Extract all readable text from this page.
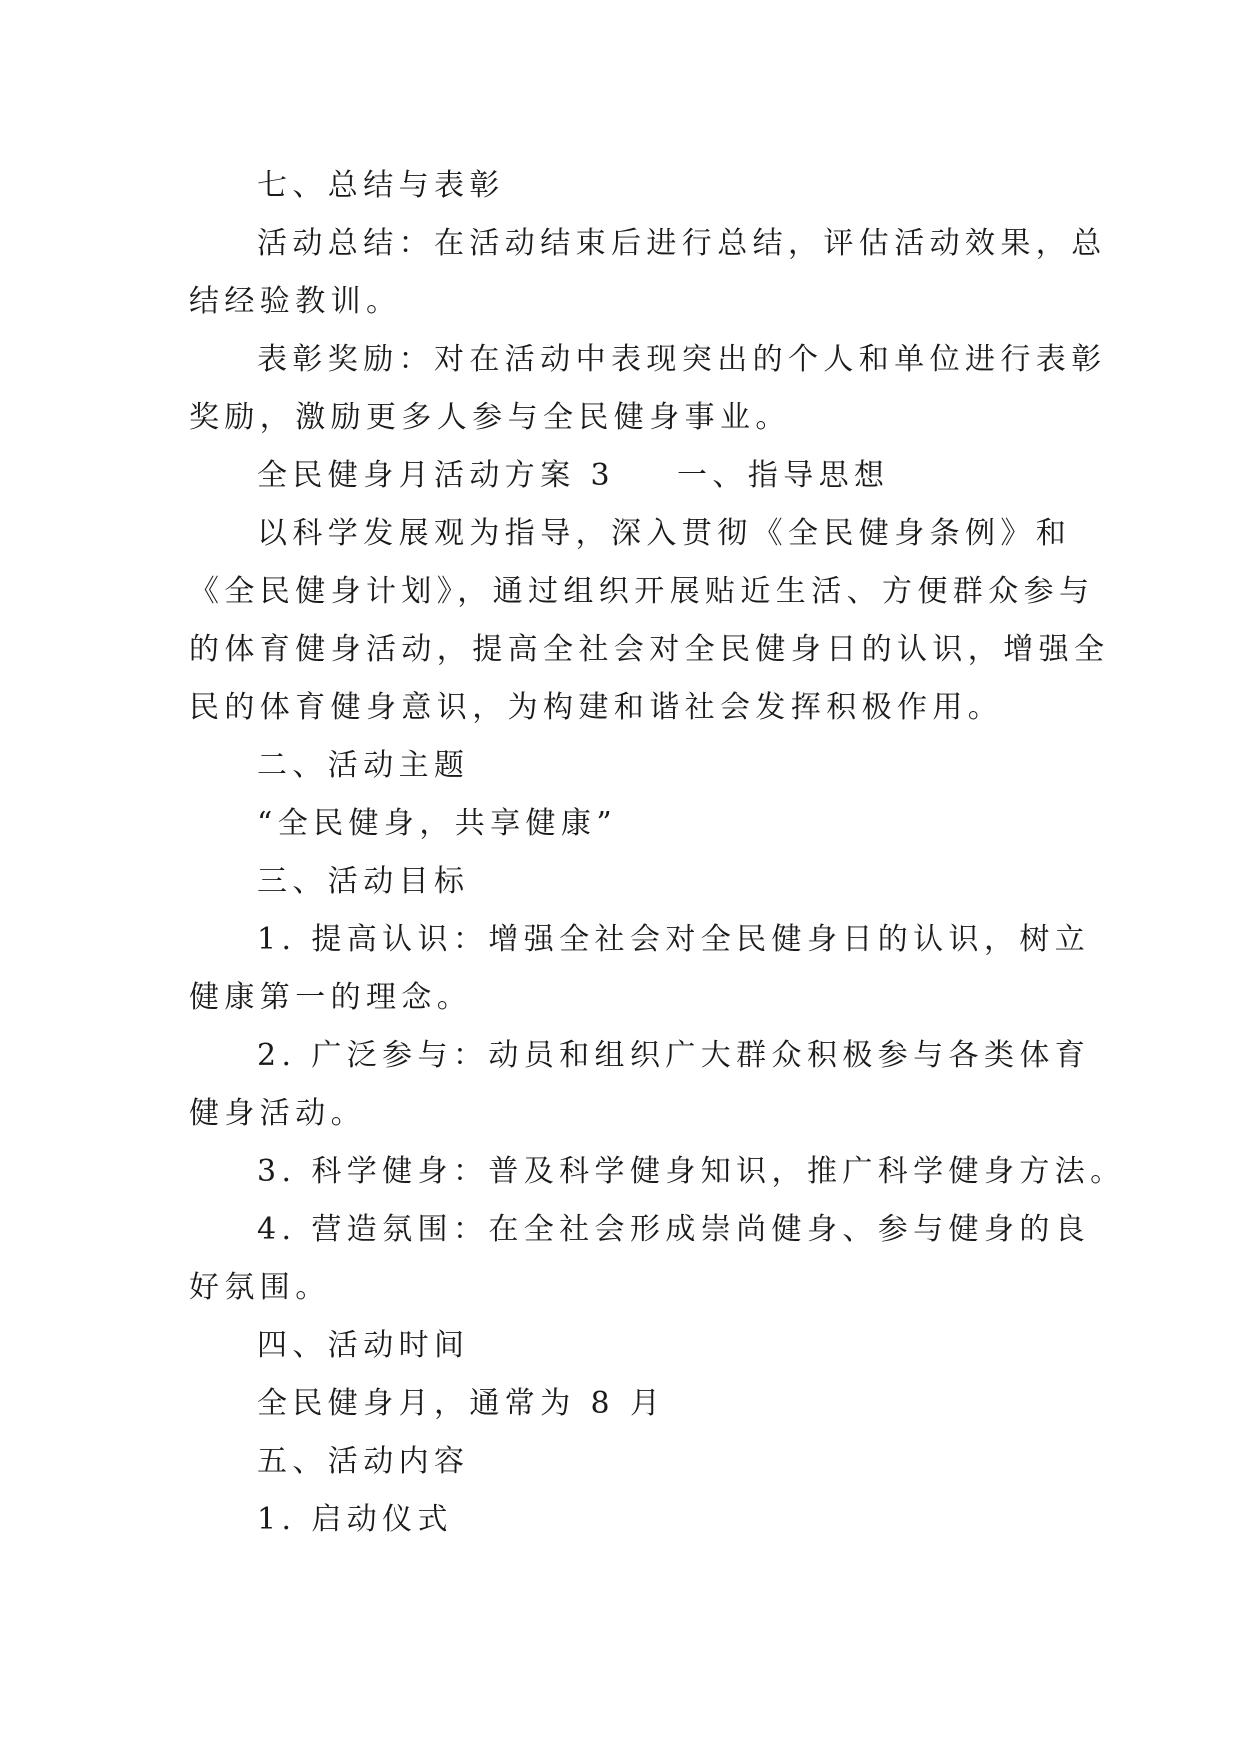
七、总结与表彰
活动总结：在活动结束后进行总结，评估活动效果，总
结经验教训。
表彰奖励：对在活动中表现突出的个人和单位进行表彰
奖励，激励更多人参与全民健身事业。
全民健身月活动方案 3 一、指导思想
以科学发展观为指导，深入贯彻《全民健身条例》和
《全民健身计划》，通过组织开展贴近生活、方便群众参与
的体育健身活动，提高全社会对全民健身日的认识，增强全
民的体育健身意识，为构建和谐社会发挥积极作用。
二、活动主题
“全民健身，共享健康”
三、活动目标
1. 提高认识：增强全社会对全民健身日的认识，树立
健康第一的理念。
2. 广泛参与：动员和组织广大群众积极参与各类体育
健身活动。
3. 科学健身：普及科学健身知识，推广科学健身方法。
4. 营造氛围：在全社会形成崇尚健身、参与健身的良
好氛围。
四、活动时间
全民健身月，通常为 8 月
五、活动内容
1. 启动仪式
